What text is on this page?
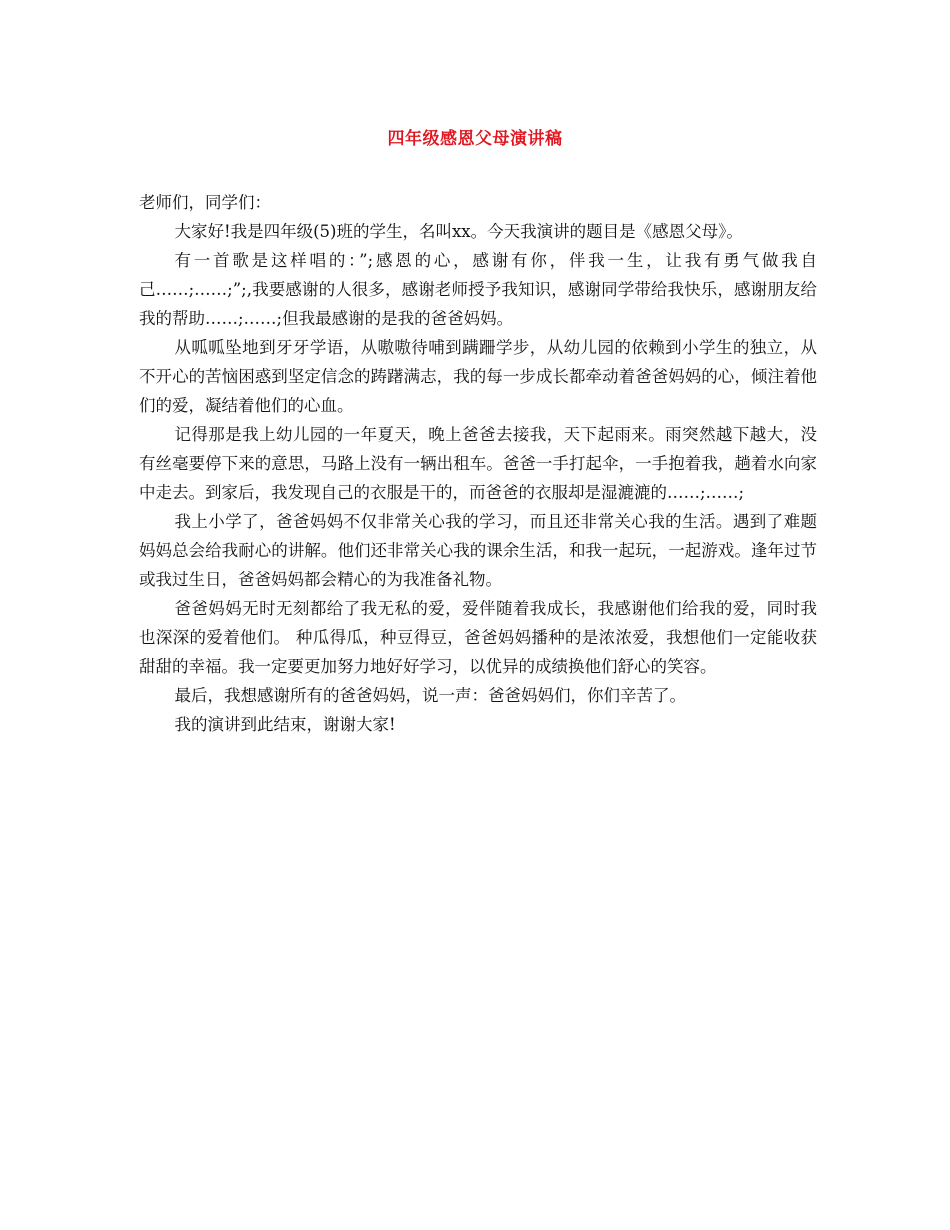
四年级感恩父母演讲稿

老师们，同学们：

大家好!我是四年级(5)班的学生，名叫xx。今天我演讲的题目是《感恩父母》。

有一首歌是这样唱的：”;感恩的心，感谢有你，伴我一生，让我有勇气做我自己……;……;”;,我要感谢的人很多，感谢老师授予我知识，感谢同学带给我快乐，感谢朋友给我的帮助……;……;但我最感谢的是我的爸爸妈妈。

从呱呱坠地到牙牙学语，从嗷嗷待哺到蹒跚学步，从幼儿园的依赖到小学生的独立，从不开心的苦恼困惑到坚定信念的踌躇满志，我的每一步成长都牵动着爸爸妈妈的心，倾注着他们的爱，凝结着他们的心血。

记得那是我上幼儿园的一年夏天，晚上爸爸去接我，天下起雨来。雨突然越下越大，没有丝毫要停下来的意思，马路上没有一辆出租车。爸爸一手打起伞，一手抱着我，趟着水向家中走去。到家后，我发现自己的衣服是干的，而爸爸的衣服却是湿漉漉的……;……;

我上小学了，爸爸妈妈不仅非常关心我的学习，而且还非常关心我的生活。遇到了难题妈妈总会给我耐心的讲解。他们还非常关心我的课余生活，和我一起玩，一起游戏。逢年过节或我过生日，爸爸妈妈都会精心的为我准备礼物。

爸爸妈妈无时无刻都给了我无私的爱，爱伴随着我成长，我感谢他们给我的爱，同时我也深深的爱着他们。 种瓜得瓜，种豆得豆，爸爸妈妈播种的是浓浓爱，我想他们一定能收获甜甜的幸福。我一定要更加努力地好好学习，以优异的成绩换他们舒心的笑容。

最后，我想感谢所有的爸爸妈妈，说一声：爸爸妈妈们，你们辛苦了。

我的演讲到此结束，谢谢大家!
